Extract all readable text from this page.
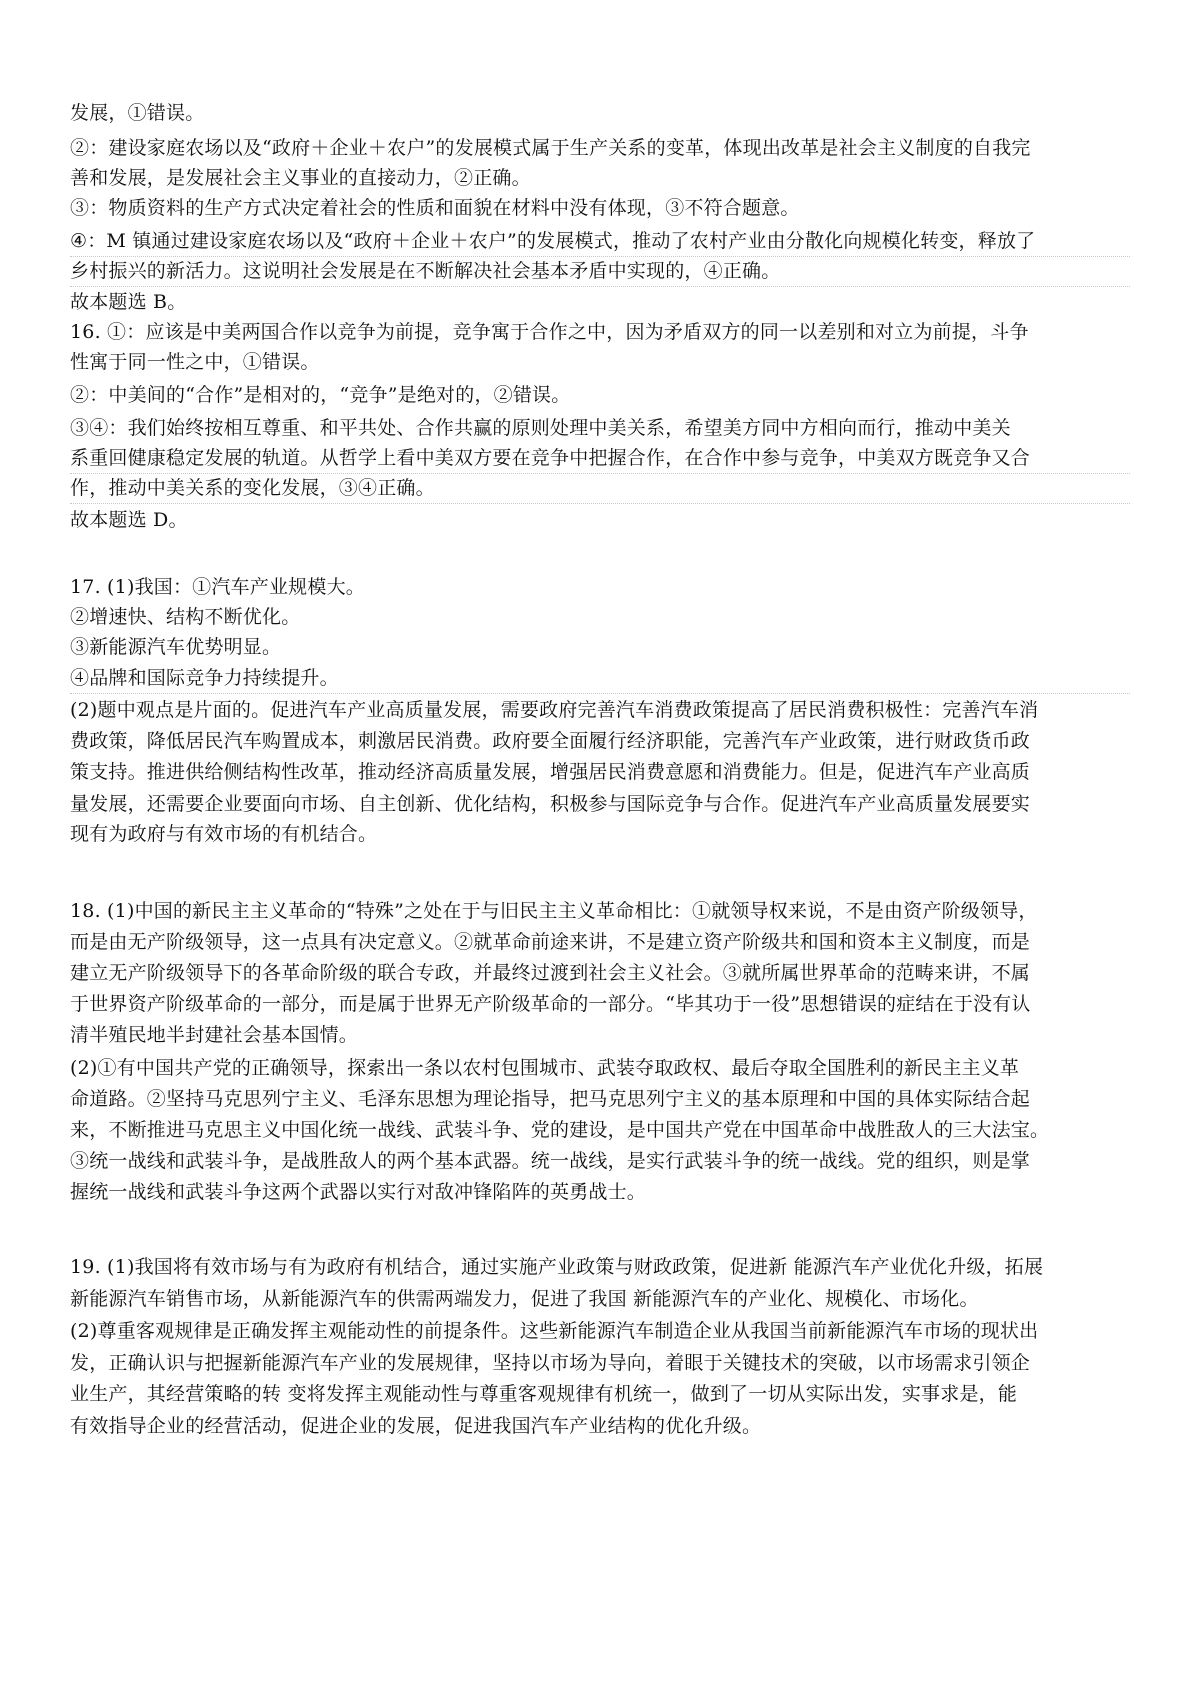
发展，①错误。
②：建设家庭农场以及“政府＋企业＋农户”的发展模式属于生产关系的变革，体现出改革是社会主义制度的自我完
善和发展，是发展社会主义事业的直接动力，②正确。
③：物质资料的生产方式决定着社会的性质和面貌在材料中没有体现，③不符合题意。
④：M 镇通过建设家庭农场以及“政府＋企业＋农户”的发展模式，推动了农村产业由分散化向规模化转变，释放了
乡村振兴的新活力。这说明社会发展是在不断解决社会基本矛盾中实现的，④正确。
故本题选 B。
16. ①：应该是中美两国合作以竞争为前提，竞争寓于合作之中，因为矛盾双方的同一以差别和对立为前提，斗争
性寓于同一性之中，①错误。
②：中美间的“合作”是相对的，“竞争”是绝对的，②错误。
③④：我们始终按相互尊重、和平共处、合作共赢的原则处理中美关系，希望美方同中方相向而行，推动中美关
系重回健康稳定发展的轨道。从哲学上看中美双方要在竞争中把握合作，在合作中参与竞争，中美双方既竞争又合
作，推动中美关系的变化发展，③④正确。
故本题选 D。
17. (1)我国：①汽车产业规模大。
②增速快、结构不断优化。
③新能源汽车优势明显。
④品牌和国际竞争力持续提升。
(2)题中观点是片面的。促进汽车产业高质量发展，需要政府完善汽车消费政策提高了居民消费积极性：完善汽车消
费政策，降低居民汽车购置成本，刺激居民消费。政府要全面履行经济职能，完善汽车产业政策，进行财政货币政
策支持。推进供给侧结构性改革，推动经济高质量发展，增强居民消费意愿和消费能力。但是，促进汽车产业高质
量发展，还需要企业要面向市场、自主创新、优化结构，积极参与国际竞争与合作。促进汽车产业高质量发展要实
现有为政府与有效市场的有机结合。
18. (1)中国的新民主主义革命的“特殊”之处在于与旧民主主义革命相比：①就领导权来说，不是由资产阶级领导，
而是由无产阶级领导，这一点具有决定意义。②就革命前途来讲，不是建立资产阶级共和国和资本主义制度，而是
建立无产阶级领导下的各革命阶级的联合专政，并最终过渡到社会主义社会。③就所属世界革命的范畴来讲，不属
于世界资产阶级革命的一部分，而是属于世界无产阶级革命的一部分。“毕其功于一役”思想错误的症结在于没有认
清半殖民地半封建社会基本国情。
(2)①有中国共产党的正确领导，探索出一条以农村包围城市、武装夺取政权、最后夺取全国胜利的新民主主义革
命道路。②坚持马克思列宁主义、毛泽东思想为理论指导，把马克思列宁主义的基本原理和中国的具体实际结合起
来，不断推进马克思主义中国化统一战线、武装斗争、党的建设，是中国共产党在中国革命中战胜敌人的三大法宝。
③统一战线和武装斗争，是战胜敌人的两个基本武器。统一战线，是实行武装斗争的统一战线。党的组织，则是掌
握统一战线和武装斗争这两个武器以实行对敌冲锋陷阵的英勇战士。
19. (1)我国将有效市场与有为政府有机结合，通过实施产业政策与财政政策，促进新 能源汽车产业优化升级，拓展
新能源汽车销售市场，从新能源汽车的供需两端发力，促进了我国 新能源汽车的产业化、规模化、市场化。
(2)尊重客观规律是正确发挥主观能动性的前提条件。这些新能源汽车制造企业从我国当前新能源汽车市场的现状出
发，正确认识与把握新能源汽车产业的发展规律，坚持以市场为导向，着眼于关键技术的突破，以市场需求引领企
业生产，其经营策略的转 变将发挥主观能动性与尊重客观规律有机统一，做到了一切从实际出发，实事求是，能
有效指导企业的经营活动，促进企业的发展，促进我国汽车产业结构的优化升级。
